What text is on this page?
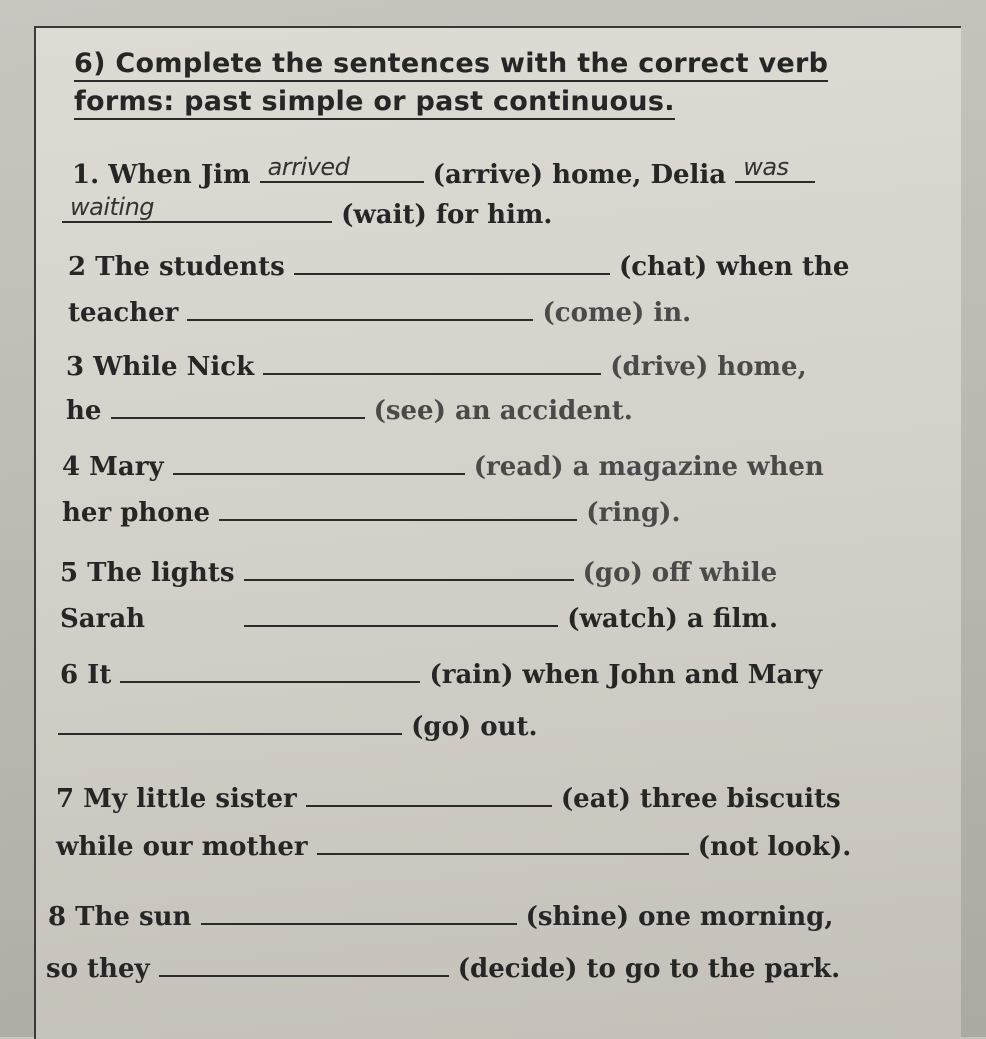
6) Complete the sentences with the correct verb
forms: past simple or past continuous.
1. When Jim arrived	(arrive) home, Delia was
waiting	(wait) for him.
2 The students	(chat) when the
teacher	(come) in.
3 While Nick	(drive) home,
he	(see) an accident.
4 Mary	(read) a magazine when
her phone	(ring).
5 The lights	(go) off while
Sarah	(watch) a film.
6 It	(rain) when John and Mary
(go) out.
7 My little sister	(eat) three biscuits
while our mother	(not look).
8 The sun	(shine) one morning,
so they	(decide) to go to the park.
